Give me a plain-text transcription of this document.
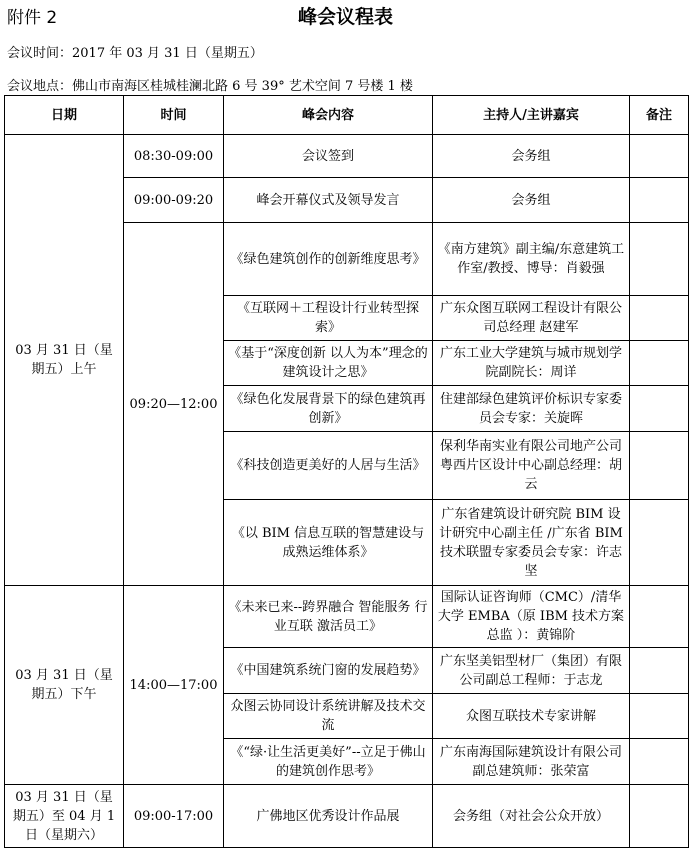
附件 2	峰会议程表
会议时间：2017 年 03 月 31 日（星期五）
会议地点：佛山市南海区桂城桂澜北路 6 号 39° 艺术空间 7 号楼 1 楼
日期	时间	峰会内容	主持人/主讲嘉宾	备注
03 月 31 日（星期五）上午	08:30-09:00	会议签到	会务组	
	09:00-09:20	峰会开幕仪式及领导发言	会务组	
	09:20—12:00	《绿色建筑创作的创新维度思考》	《南方建筑》副主编/东意建筑工作室/教授、博导：肖毅强	
		《互联网＋工程设计行业转型探索》	广东众图互联网工程设计有限公司总经理 赵建军	
		《基于“深度创新 以人为本”理念的建筑设计之思》	广东工业大学建筑与城市规划学院副院长：周详	
		《绿色化发展背景下的绿色建筑再创新》	住建部绿色建筑评价标识专家委员会专家：关旋晖	
		《科技创造更美好的人居与生活》	保利华南实业有限公司地产公司粤西片区设计中心副总经理：胡云	
		《以 BIM 信息互联的智慧建设与成熟运维体系》	广东省建筑设计研究院 BIM 设计研究中心副主任 /广东省 BIM 技术联盟专家委员会专家：许志坚	
03 月 31 日（星期五）下午	14:00—17:00	《未来已来--跨界融合 智能服务 行业互联 激活员工》	国际认证咨询师（CMC）/清华大学 EMBA（原 IBM 技术方案总监 ）：黄锦阶	
		《中国建筑系统门窗的发展趋势》	广东坚美铝型材厂（集团）有限公司副总工程师：于志龙	
		众图云协同设计系统讲解及技术交流	众图互联技术专家讲解	
		《“绿·让生活更美好”--立足于佛山的建筑创作思考》	广东南海国际建筑设计有限公司副总建筑师：张荣富	
03 月 31 日（星期五）至 04 月 1 日（星期六）	09:00-17:00	广佛地区优秀设计作品展	会务组（对社会公众开放）	
